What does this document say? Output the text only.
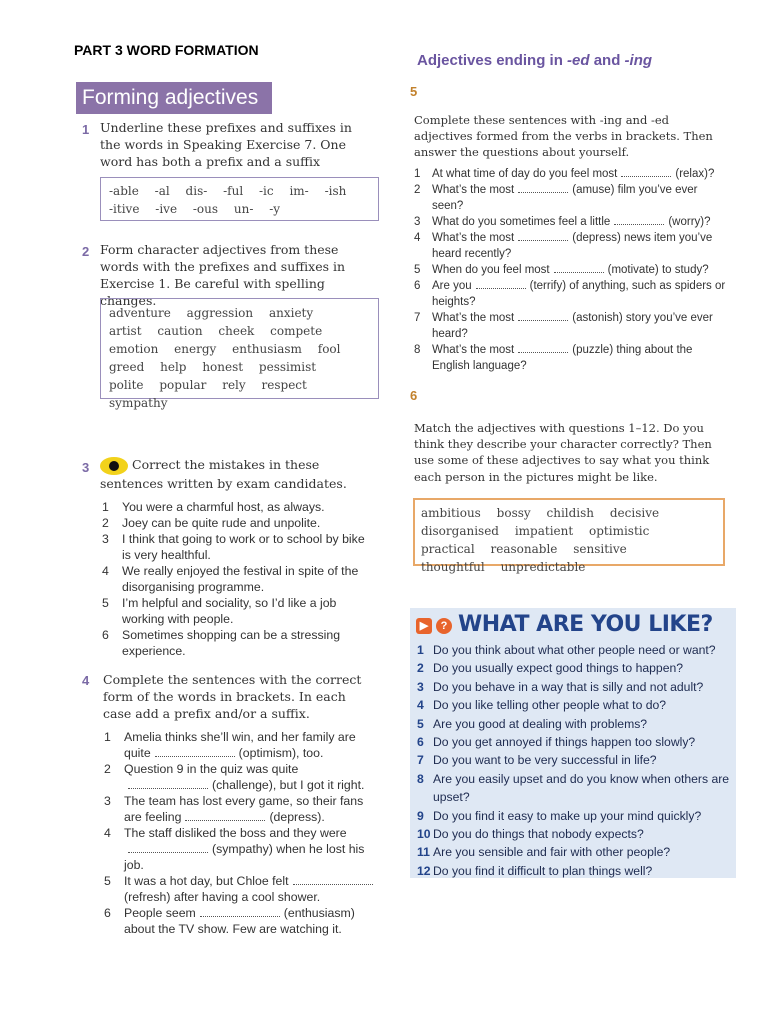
PART 3 WORD FORMATION
Forming adjectives
1 Underline these prefixes and suffixes in the words in Speaking Exercise 7. One word has both a prefix and a suffix
-able -al dis- -ful -ic im- -ish -itive -ive -ous un- -y
2 Form character adjectives from these words with the prefixes and suffixes in Exercise 1. Be careful with spelling changes.
adventure aggression anxiety artist caution cheek compete emotion energy enthusiasm fool greed help honest pessimist polite popular rely respect sympathy
3	Correct the mistakes in these sentences written by exam candidates.
1 You were a charmful host, as always.
2 Joey can be quite rude and unpolite.
3 I think that going to work or to school by bike is very healthful.
4 We really enjoyed the festival in spite of the disorganising programme.
5 I’m helpful and sociality, so I’d like a job working with people.
6 Sometimes shopping can be a stressing experience.
4 Complete the sentences with the correct form of the words in brackets. In each case add a prefix and/or a suffix.
1 Amelia thinks she’ll win, and her family are quite	(optimism), too.
2 Question 9 in the quiz was quite(challenge), but I got it right.
3 The team has lost every game, so their fans are feeling	(depress).
4 The staff disliked the boss and they were(sympathy) when he lost his job.
5 It was a hot day, but Chloe felt(refresh) after having a cool shower.
6 People seem	(enthusiasm) about the TV show. Few are watching it.
Adjectives ending in -ed and -ing
5
Complete these sentences with -ing and -ed adjectives formed from the verbs in brackets. Then answer the questions about yourself.
1 At what time of day do you feel most	(relax)?
2 What’s the most	(amuse) film you’ve ever seen?
3 What do you sometimes feel a little	(worry)?
4 What’s the most	(depress) news item you’ve heard recently?
5 When do you feel most	(motivate) to study?
6 Are you	(terrify) of anything, such as spiders or heights?
7 What’s the most	(astonish) story you’ve ever heard?
8 What’s the most	(puzzle) thing about the English language?
6
Match the adjectives with questions 1–12. Do you think they describe your character correctly? Then use some of these adjectives to say what you think each person in the pictures might be like.
ambitious bossy childish decisive disorganised impatient optimistic practical reasonable sensitive thoughtful unpredictable
▶	? WHAT ARE YOU LIKE?
1 Do you think about what other people need or want?
2 Do you usually expect good things to happen?
3 Do you behave in a way that is silly and not adult?
4 Do you like telling other people what to do?
5 Are you good at dealing with problems?
6 Do you get annoyed if things happen too slowly?
7 Do you want to be very successful in life?
8 Are you easily upset and do you know when others are upset?
9 Do you find it easy to make up your mind quickly?
10 Do you do things that nobody expects?
11 Are you sensible and fair with other people?
12 Do you find it difficult to plan things well?
